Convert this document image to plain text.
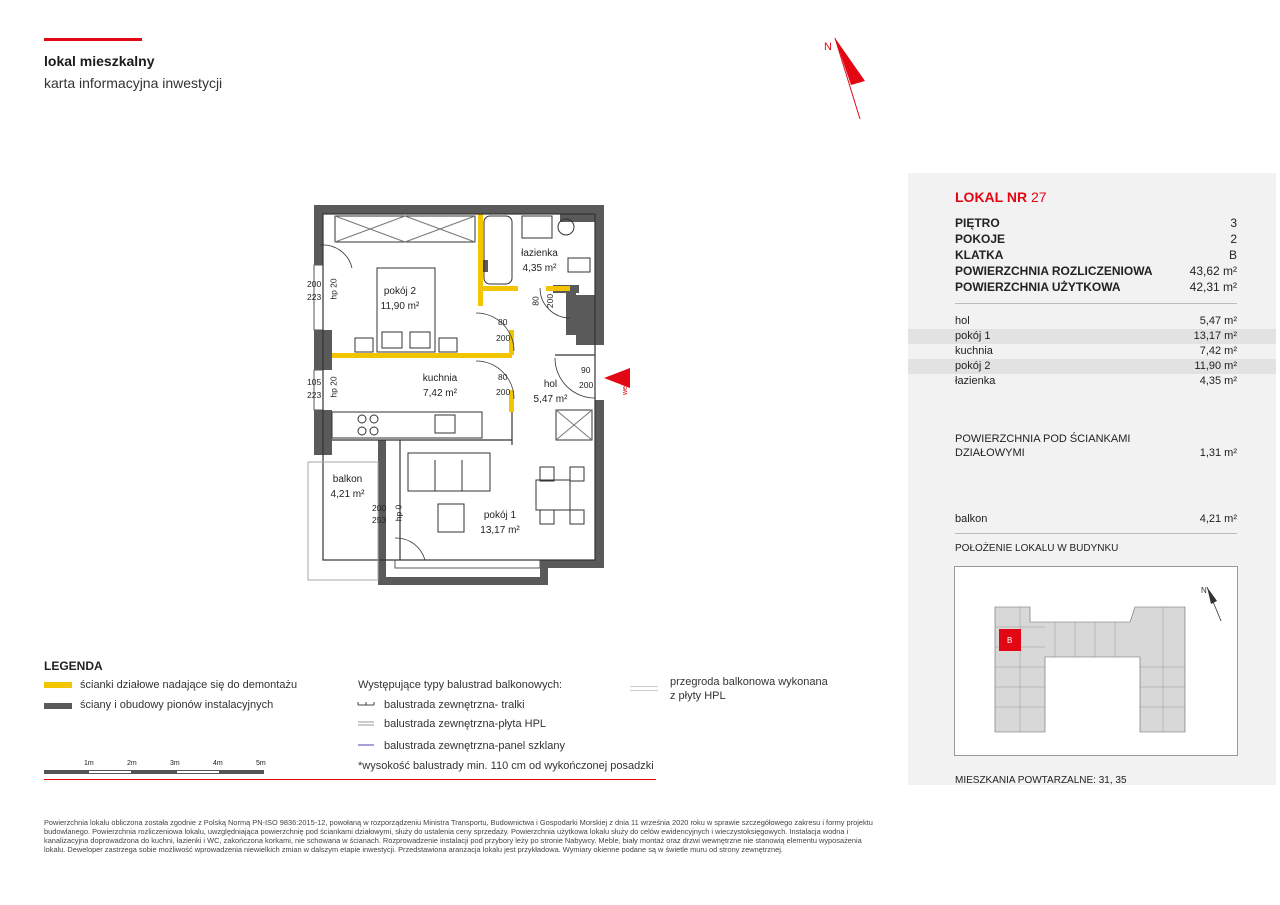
lokal mieszkalny
karta informacyjna inwestycji
N
wejście
pokój 2
11,90 m²
łazienka
4,35 m²
kuchnia
7,42 m²
hol
5,47 m²
balkon
4,21 m²
pokój 1
13,17 m²
80
200
80 200
80
200
90
200
200
223 hp 20
105
223 hp 20
200
253 hp 0
LOKAL NR 27
PIĘTRO	3
POKOJE	2
KLATKA	B
POWIERZCHNIA ROZLICZENIOWA	43,62 m²
POWIERZCHNIA UŻYTKOWA	42,31 m²
hol	5,47 m²
pokój 1	13,17 m²
kuchnia	7,42 m²
pokój 2	11,90 m²
łazienka	4,35 m²
POWIERZCHNIA POD ŚCIANKAMI
DZIAŁOWYMI	1,31 m²
balkon	4,21 m²
POŁOŻENIE LOKALU W BUDYNKU
B
N
MIESZKANIA POWTARZALNE: 31, 35
LEGENDA
ścianki działowe nadające się do demontażu
ściany i obudowy pionów instalacyjnych
Występujące typy balustrad balkonowych:
balustrada zewnętrzna- tralki
balustrada zewnętrzna-płyta HPL
balustrada zewnętrzna-panel szklany
*wysokość balustrady min. 110 cm od wykończonej posadzki
przegroda balkonowa wykonana
z płyty HPL
1m	2m	3m	4m	5m
Powierzchnia lokalu obliczona została zgodnie z Polską Normą PN-ISO 9836:2015-12, powołaną w rozporządzeniu Ministra Transportu, Budownictwa i Gospodarki Morskiej z dnia 11 września 2020 roku w sprawie szczegółowego zakresu i formy projektu budowlanego. Powierzchnia rozliczeniowa lokalu, uwzględniająca powierzchnię pod ściankami działowymi, służy do ustalenia ceny sprzedaży. Powierzchnia użytkowa lokalu służy do celów ewidencyjnych i wieczystoksięgowych. Instalacja wodna i kanalizacyjna doprowadzona do kuchni, łazienki i WC, zakończona korkami, nie schowana w ścianach. Rozprowadzenie instalacji pod przybory leży po stronie Nabywcy. Meble, biały montaż oraz drzwi wewnętrzne nie stanowią elementu wyposażenia lokalu. Deweloper zastrzega sobie możliwość wprowadzenia niewielkich zmian w dalszym etapie inwestycji. Przedstawiona aranżacja lokalu jest przykładowa. Wymiary okienne podane są w świetle muru od strony zewnętrznej.
